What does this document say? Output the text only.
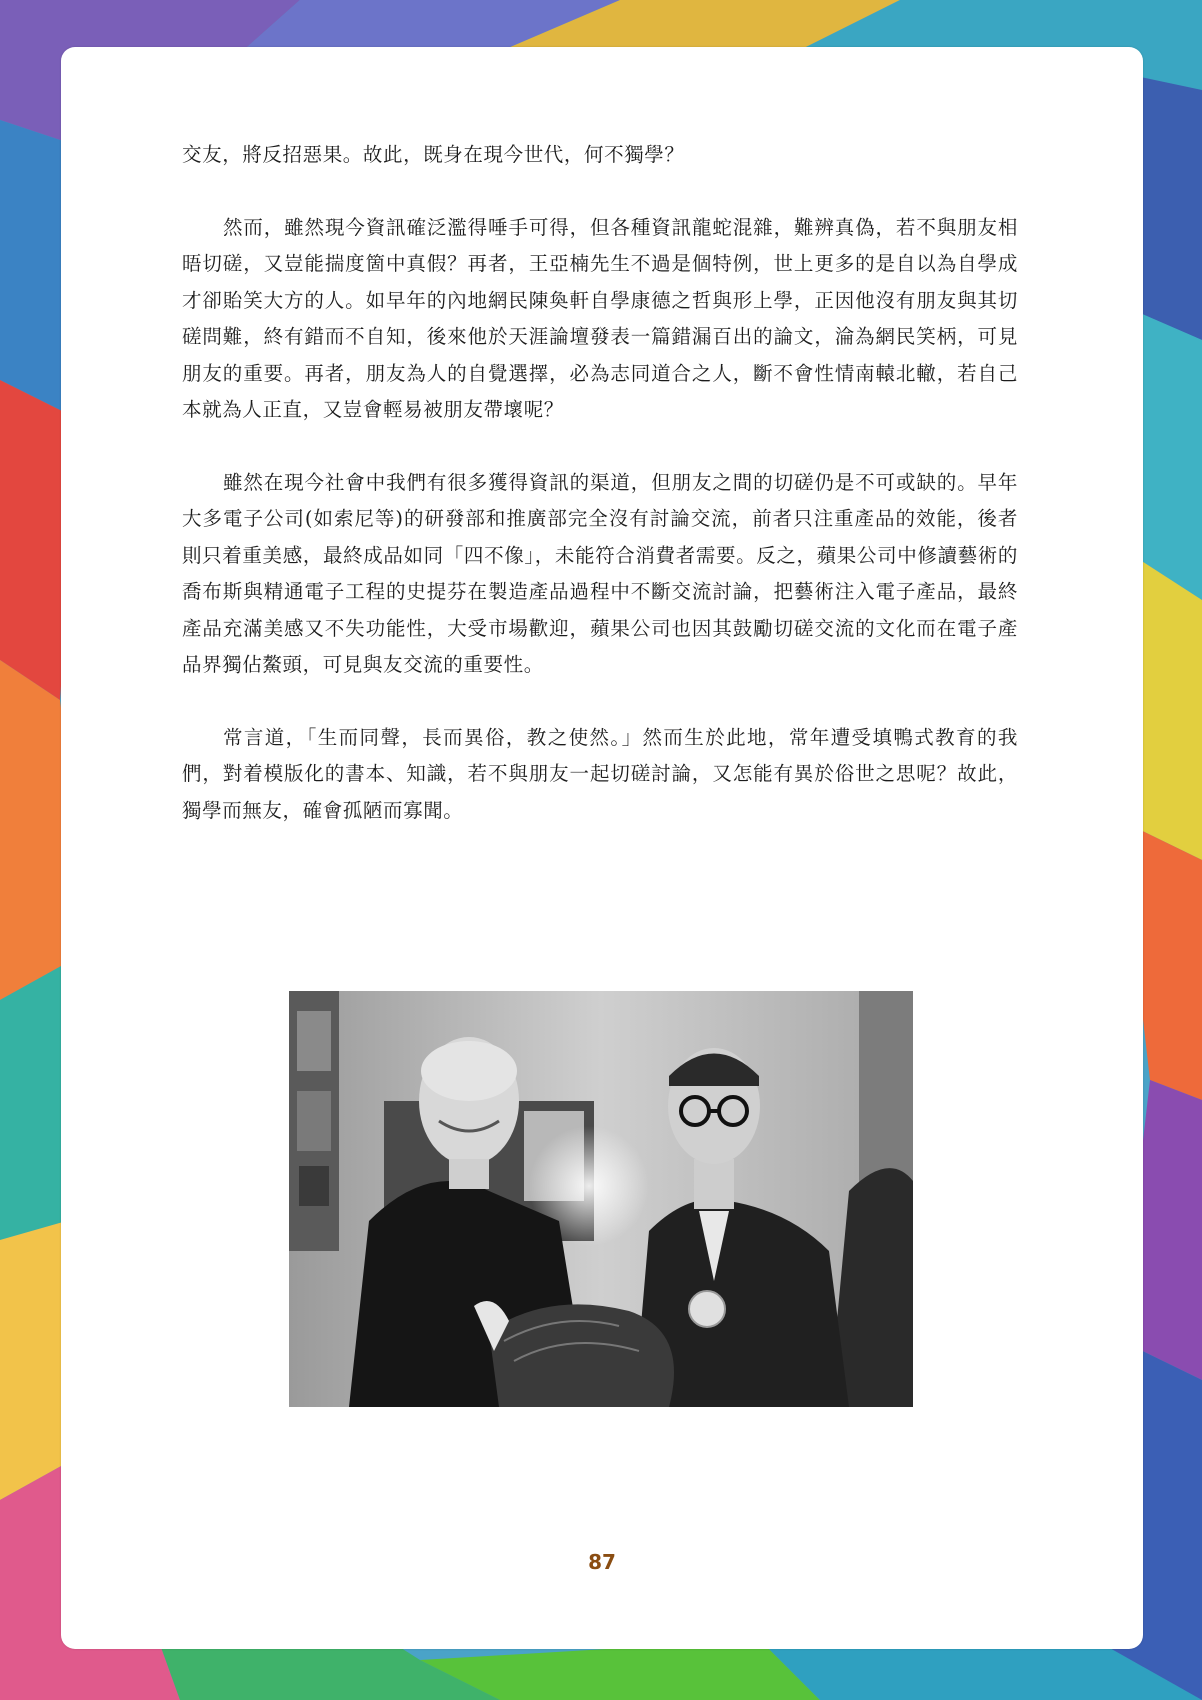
交友，將反招惡果。故此，既身在現今世代，何不獨學？

然而，雖然現今資訊確泛濫得唾手可得，但各種資訊龍蛇混雜，難辨真偽，若不與朋友相晤切磋，又豈能揣度箇中真假？再者，王亞楠先生不過是個特例，世上更多的是自以為自學成才卻貽笑大方的人。如早年的內地網民陳奐軒自學康德之哲與形上學，正因他沒有朋友與其切磋問難，終有錯而不自知，後來他於天涯論壇發表一篇錯漏百出的論文，淪為網民笑柄，可見朋友的重要。再者，朋友為人的自覺選擇，必為志同道合之人，斷不會性情南轅北轍，若自己本就為人正直，又豈會輕易被朋友帶壞呢？

雖然在現今社會中我們有很多獲得資訊的渠道，但朋友之間的切磋仍是不可或缺的。早年大多電子公司(如索尼等)的研發部和推廣部完全沒有討論交流，前者只注重產品的效能，後者則只着重美感，最終成品如同「四不像」，未能符合消費者需要。反之，蘋果公司中修讀藝術的喬布斯與精通電子工程的史提芬在製造產品過程中不斷交流討論，把藝術注入電子產品，最終產品充滿美感又不失功能性，大受市場歡迎，蘋果公司也因其鼓勵切磋交流的文化而在電子產品界獨佔鰲頭，可見與友交流的重要性。

常言道，「生而同聲，長而異俗，教之使然。」然而生於此地，常年遭受填鴨式教育的我們，對着模版化的書本、知識，若不與朋友一起切磋討論，又怎能有異於俗世之思呢？故此，獨學而無友，確會孤陋而寡聞。

87
